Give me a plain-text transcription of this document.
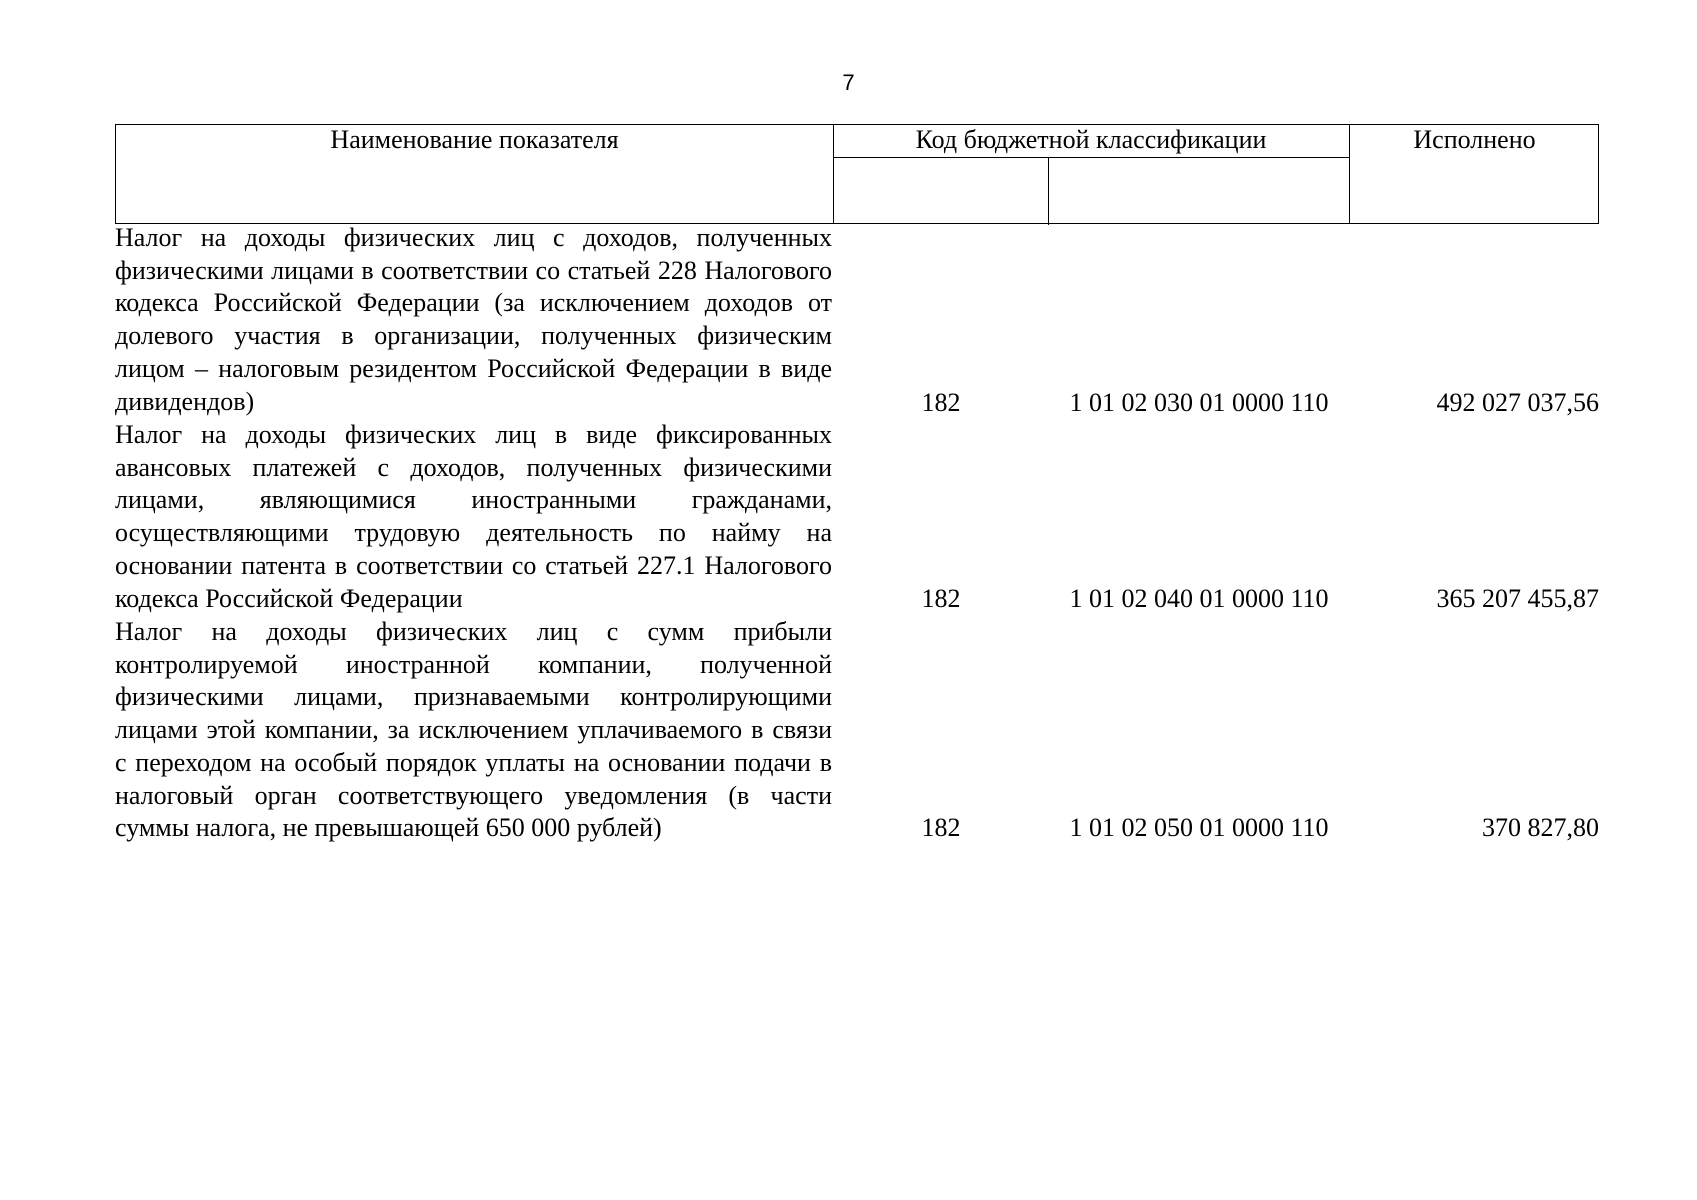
7
Наименование показателя	Код бюджетной классификации	Исполнено
Налог на доходы физических лиц с доходов, полученных физическими лицами в соответствии со статьей 228 Налогового кодекса Российской Федерации (за исключением доходов от долевого участия в организации, полученных физическим лицом – налоговым резидентом Российской Федерации в виде дивидендов)	182	1 01 02 030 01 0000 110	492 027 037,56
Налог на доходы физических лиц в виде фиксированных авансовых платежей с доходов, полученных физическими лицами, являющимися иностранными гражданами, осуществляющими трудовую деятельность по найму на основании патента в соответствии со статьей 227.1 Налогового кодекса Российской Федерации	182	1 01 02 040 01 0000 110	365 207 455,87
Налог на доходы физических лиц с сумм прибыли контролируемой иностранной компании, полученной физическими лицами, признаваемыми контролирующими лицами этой компании, за исключением уплачиваемого в связи с переходом на особый порядок уплаты на основании подачи в налоговый орган соответствующего уведомления (в части суммы налога, не превышающей 650 000 рублей)	182	1 01 02 050 01 0000 110	370 827,80
